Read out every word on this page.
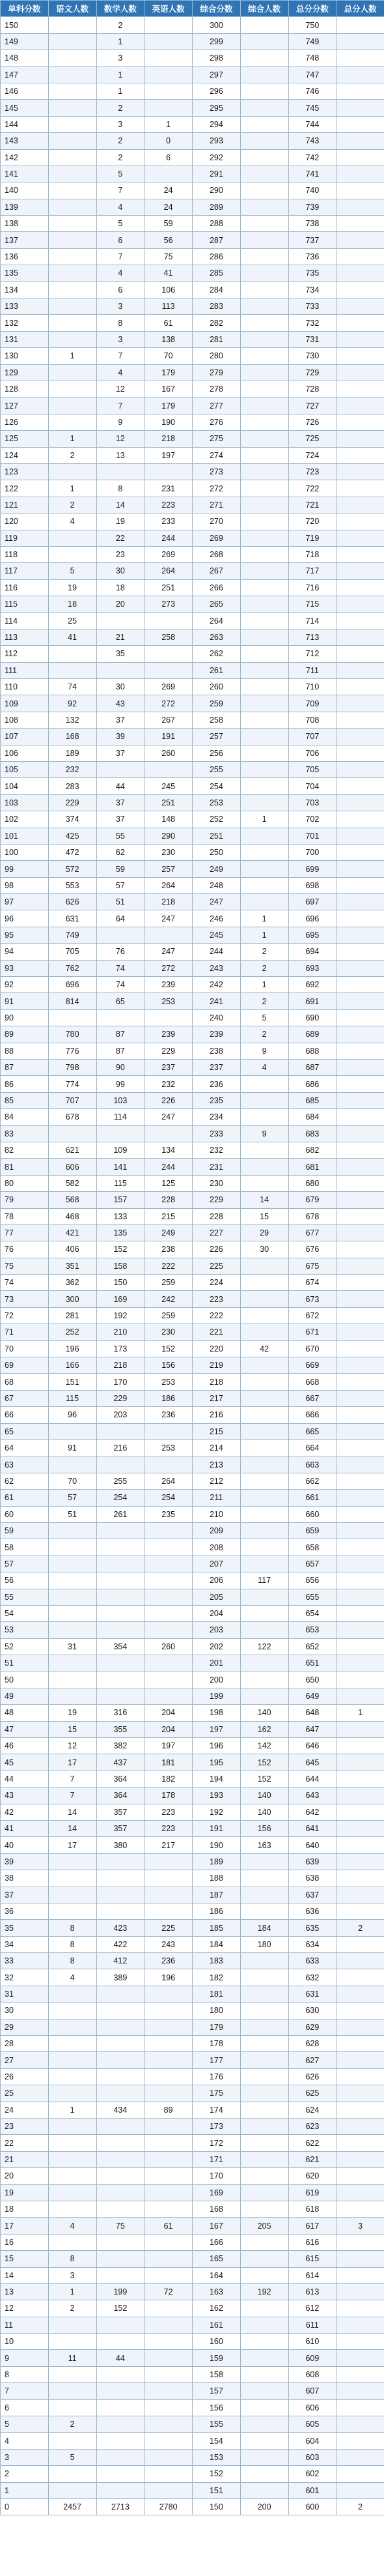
单科分数	语文人数	数学人数	英语人数	综合分数	综合人数	总分分数	总分人数
150		2		300		750	
149		1		299		749	
148		3		298		748	
147		1		297		747	
146		1		296		746	
145		2		295		745	
144		3	1	294		744	
143		2	0	293		743	
142		2	6	292		742	
141		5		291		741	
140		7	24	290		740	
139		4	24	289		739	
138		5	59	288		738	
137		6	56	287		737	
136		7	75	286		736	
135		4	41	285		735	
134		6	106	284		734	
133		3	113	283		733	
132		8	61	282		732	
131		3	138	281		731	
130	1	7	70	280		730	
129		4	179	279		729	
128		12	167	278		728	
127		7	179	277		727	
126		9	190	276		726	
125	1	12	218	275		725	
124	2	13	197	274		724	
123				273		723	
122	1	8	231	272		722	
121	2	14	223	271		721	
120	4	19	233	270		720	
119		22	244	269		719	
118		23	269	268		718	
117	5	30	264	267		717	
116	19	18	251	266		716	
115	18	20	273	265		715	
114	25			264		714	
113	41	21	258	263		713	
112		35		262		712	
111				261		711	
110	74	30	269	260		710	
109	92	43	272	259		709	
108	132	37	267	258		708	
107	168	39	191	257		707	
106	189	37	260	256		706	
105	232			255		705	
104	283	44	245	254		704	
103	229	37	251	253		703	
102	374	37	148	252	1	702	
101	425	55	290	251		701	
100	472	62	230	250		700	
99	572	59	257	249		699	
98	553	57	264	248		698	
97	626	51	218	247		697	
96	631	64	247	246	1	696	
95	749			245	1	695	
94	705	76	247	244	2	694	
93	762	74	272	243	2	693	
92	696	74	239	242	1	692	
91	814	65	253	241	2	691	
90				240	5	690	
89	780	87	239	239	2	689	
88	776	87	229	238	9	688	
87	798	90	237	237	4	687	
86	774	99	232	236		686	
85	707	103	226	235		685	
84	678	114	247	234		684	
83				233	9	683	
82	621	109	134	232		682	
81	606	141	244	231		681	
80	582	115	125	230		680	
79	568	157	228	229	14	679	
78	468	133	215	228	15	678	
77	421	135	249	227	29	677	
76	406	152	238	226	30	676	
75	351	158	222	225		675	
74	362	150	259	224		674	
73	300	169	242	223		673	
72	281	192	259	222		672	
71	252	210	230	221		671	
70	196	173	152	220	42	670	
69	166	218	156	219		669	
68	151	170	253	218		668	
67	115	229	186	217		667	
66	96	203	236	216		666	
65				215		665	
64	91	216	253	214		664	
63				213		663	
62	70	255	264	212		662	
61	57	254	254	211		661	
60	51	261	235	210		660	
59				209		659	
58				208		658	
57				207		657	
56				206	117	656	
55				205		655	
54				204		654	
53				203		653	
52	31	354	260	202	122	652	
51				201		651	
50				200		650	
49				199		649	
48	19	316	204	198	140	648	1
47	15	355	204	197	162	647	
46	12	382	197	196	142	646	
45	17	437	181	195	152	645	
44	7	364	182	194	152	644	
43	7	364	178	193	140	643	
42	14	357	223	192	140	642	
41	14	357	223	191	156	641	
40	17	380	217	190	163	640	
39				189		639	
38				188		638	
37				187		637	
36				186		636	
35	8	423	225	185	184	635	2
34	8	422	243	184	180	634	
33	8	412	236	183		633	
32	4	389	196	182		632	
31				181		631	
30				180		630	
29				179		629	
28				178		628	
27				177		627	
26				176		626	
25				175		625	
24	1	434	89	174		624	
23				173		623	
22				172		622	
21				171		621	
20				170		620	
19				169		619	
18				168		618	
17	4	75	61	167	205	617	3
16				166		616	
15	8			165		615	
14	3			164		614	
13	1	199	72	163	192	613	
12	2	152		162		612	
11				161		611	
10				160		610	
9	11	44		159		609	
8				158		608	
7				157		607	
6				156		606	
5	2			155		605	
4				154		604	
3	5			153		603	
2				152		602	
1				151		601	
0	2457	2713	2780	150	200	600	2
